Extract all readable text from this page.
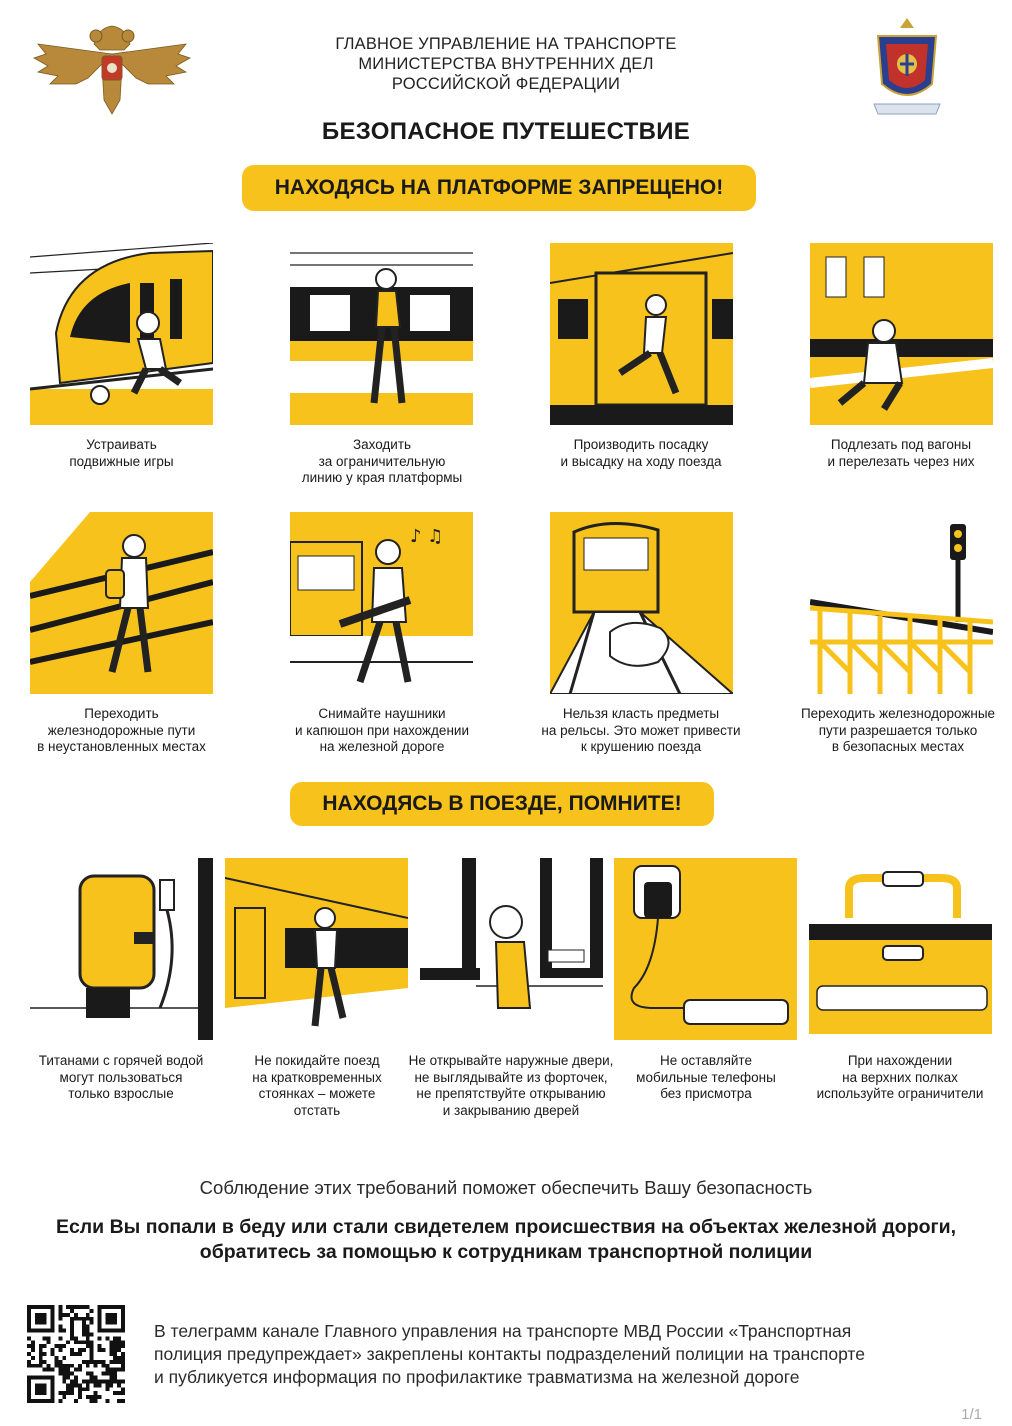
ГЛАВНОЕ УПРАВЛЕНИЕ НА ТРАНСПОРТЕ
МИНИСТЕРСТВА ВНУТРЕННИХ ДЕЛ
РОССИЙСКОЙ ФЕДЕРАЦИИ
БЕЗОПАСНОЕ ПУТЕШЕСТВИЕ
НАХОДЯСЬ НА ПЛАТФОРМЕ ЗАПРЕЩЕНО!
Устраивать
подвижные игры
Заходить
за ограничительную
линию у края платформы
Производить посадку
и высадку на ходу поезда
Подлезать под вагоны
и перелезать через них
♪ ♫
Переходить
железнодорожные пути
в неустановленных местах
Снимайте наушники
и капюшон при нахождении
на железной дороге
Нельзя класть предметы
на рельсы. Это может привести
к крушению поезда
Переходить железнодорожные
пути разрешается только
в безопасных местах
НАХОДЯСЬ В ПОЕЗДЕ, ПОМНИТЕ!
Титанами с горячей водой
могут пользоваться
только взрослые
Не покидайте поезд
на кратковременных
стоянках – можете
отстать
Не открывайте наружные двери,
не выглядывайте из форточек,
не препятствуйте открыванию
и закрыванию дверей
Не оставляйте
мобильные телефоны
без присмотра
При нахождении
на верхних полках
используйте ограничители
Соблюдение этих требований поможет обеспечить Вашу безопасность
Если Вы попали в беду или стали свидетелем происшествия на объектах железной дороги,
обратитесь за помощью к сотрудникам транспортной полиции
В телеграмм канале Главного управления на транспорте МВД России «Транспортная
полиция предупреждает» закреплены контакты подразделений полиции на транспорте
и публикуется информация по профилактике травматизма на железной дороге
1/1
